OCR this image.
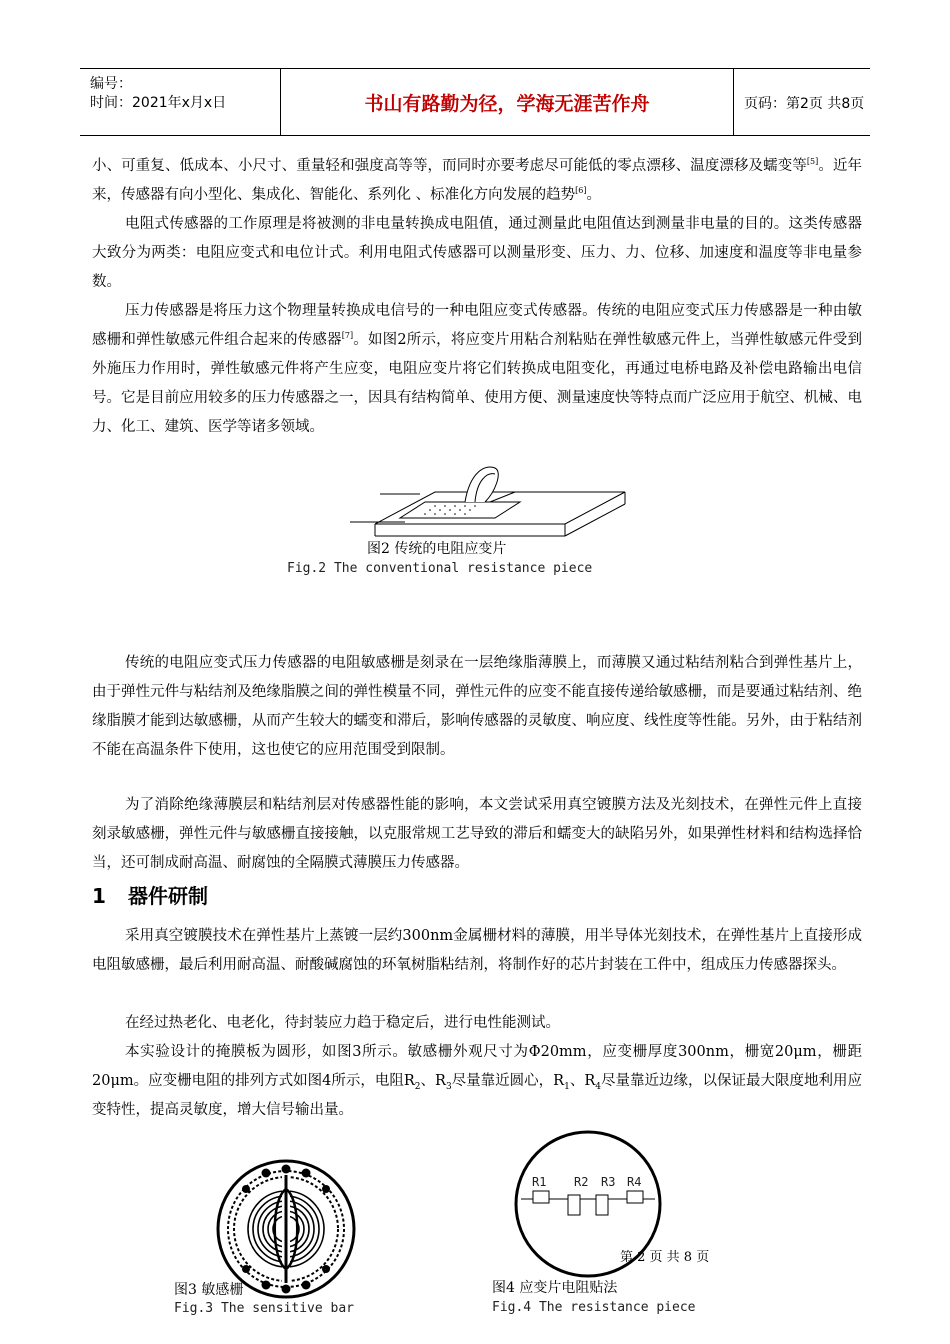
编号：
时间：2021年x月x日	书山有路勤为径，学海无涯苦作舟	页码：第2页 共8页

小、可重复、低成本、小尺寸、重量轻和强度高等等，而同时亦要考虑尽可能低的零点漂移、温度漂移及蠕变等[5]。近年来，传感器有向小型化、集成化、智能化、系列化 、标准化方向发展的趋势[6]。

电阻式传感器的工作原理是将被测的非电量转换成电阻值，通过测量此电阻值达到测量非电量的目的。这类传感器大致分为两类：电阻应变式和电位计式。利用电阻式传感器可以测量形变、压力、力、位移、加速度和温度等非电量参数。

压力传感器是将压力这个物理量转换成电信号的一种电阻应变式传感器。传统的电阻应变式压力传感器是一种由敏感栅和弹性敏感元件组合起来的传感器[7]。如图2所示，将应变片用粘合剂粘贴在弹性敏感元件上，当弹性敏感元件受到外施压力作用时，弹性敏感元件将产生应变，电阻应变片将它们转换成电阻变化，再通过电桥电路及补偿电路输出电信号。它是目前应用较多的压力传感器之一，因具有结构简单、使用方便、测量速度快等特点而广泛应用于航空、机械、电力、化工、建筑、医学等诸多领域。

图2 传统的电阻应变片
Fig.2 The conventional resistance piece

传统的电阻应变式压力传感器的电阻敏感栅是刻录在一层绝缘脂薄膜上，而薄膜又通过粘结剂粘合到弹性基片上，由于弹性元件与粘结剂及绝缘脂膜之间的弹性模量不同，弹性元件的应变不能直接传递给敏感栅，而是要通过粘结剂、绝缘脂膜才能到达敏感栅，从而产生较大的蠕变和滞后，影响传感器的灵敏度、响应度、线性度等性能。另外，由于粘结剂不能在高温条件下使用，这也使它的应用范围受到限制。

为了消除绝缘薄膜层和粘结剂层对传感器性能的影响，本文尝试采用真空镀膜方法及光刻技术，在弹性元件上直接刻录敏感栅，弹性元件与敏感栅直接接触，以克服常规工艺导致的滞后和蠕变大的缺陷另外，如果弹性材料和结构选择恰当，还可制成耐高温、耐腐蚀的全隔膜式薄膜压力传感器。

1 器件研制

采用真空镀膜技术在弹性基片上蒸镀一层约300nm金属栅材料的薄膜，用半导体光刻技术，在弹性基片上直接形成电阻敏感栅，最后利用耐高温、耐酸碱腐蚀的环氧树脂粘结剂，将制作好的芯片封装在工件中，组成压力传感器探头。

在经过热老化、电老化，待封装应力趋于稳定后，进行电性能测试。

本实验设计的掩膜板为圆形，如图3所示。敏感栅外观尺寸为Φ20mm，应变栅厚度300nm，栅宽20μm，栅距20μm。应变栅电阻的排列方式如图4所示，电阻$R_2$、$R_3$尽量靠近圆心，$R_1$、$R_4$尽量靠近边缘，以保证最大限度地利用应变特性，提高灵敏度，增大信号输出量。

图3 敏感栅
Fig.3 The sensitive bar
R1 R2 R3 R4
第 2 页 共 8 页
图4 应变片电阻贴法
Fig.4 The resistance piece
